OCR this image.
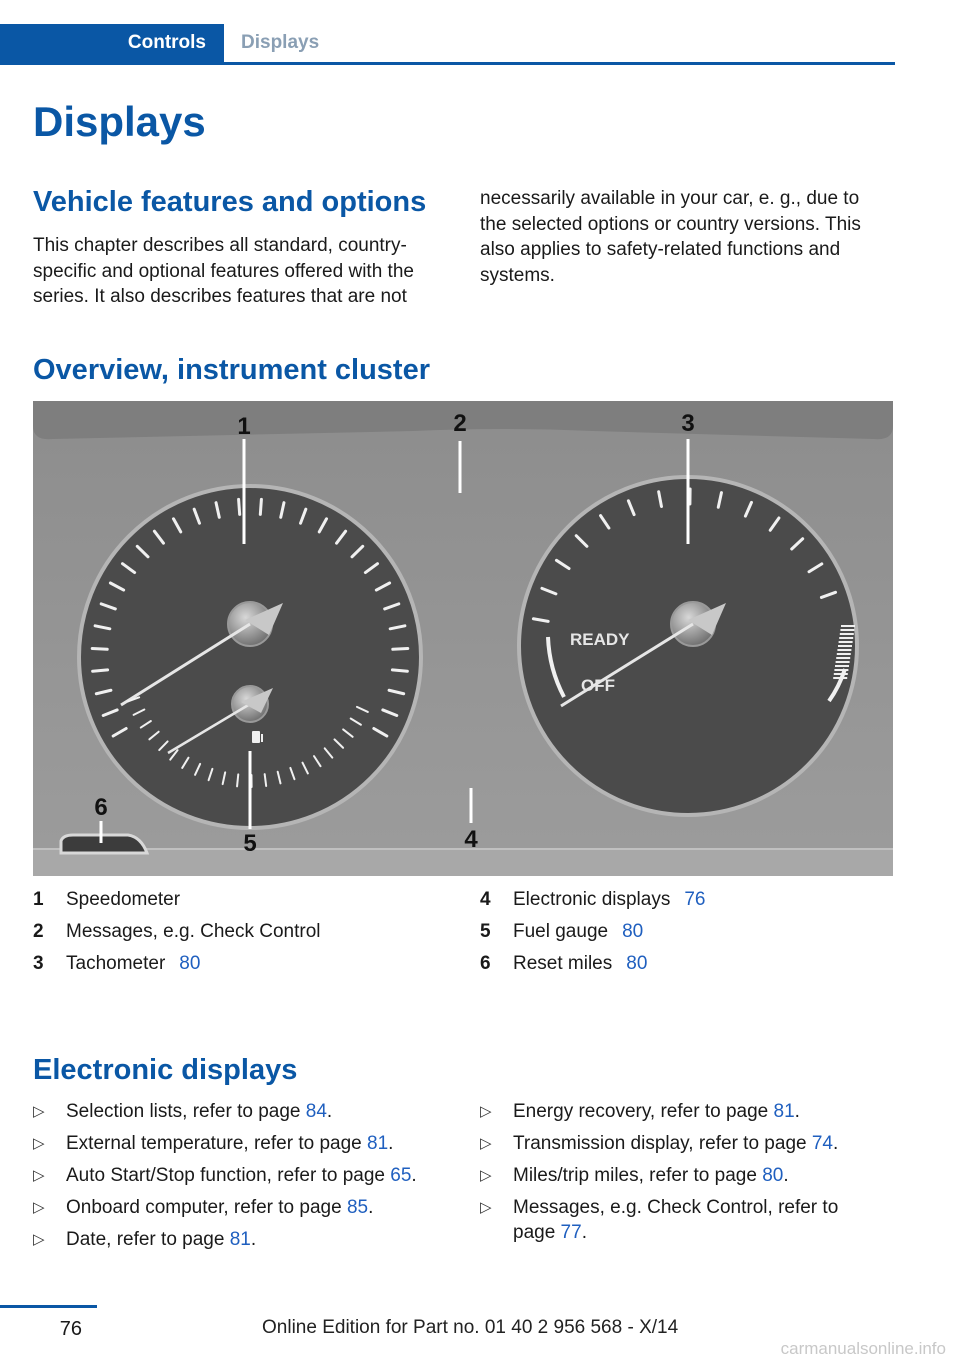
Controls	Displays
Displays
Vehicle features and options

This chapter describes all standard, country-specific and optional features offered with the series. It also describes features that are not

necessarily available in your car, e. g., due to the selected options or country versions. This also applies to safety-related functions and systems.

Overview, instrument cluster
READY
OFF
1	2	3
4
5
6
1 Speedometer
2 Messages, e.g. Check Control
3 Tachometer 80
4 Electronic displays 76
5 Fuel gauge 80
6 Reset miles 80
Electronic displays
▷ Selection lists, refer to page 84.
▷ External temperature, refer to page 81.
▷ Auto Start/Stop function, refer to page 65.
▷ Onboard computer, refer to page 85.
▷ Date, refer to page 81.
▷ Energy recovery, refer to page 81.
▷ Transmission display, refer to page 74.
▷ Miles/trip miles, refer to page 80.
▷ Messages, e.g. Check Control, refer to page 77.
76	Online Edition for Part no. 01 40 2 956 568 - X/14
carmanualsonline.info
